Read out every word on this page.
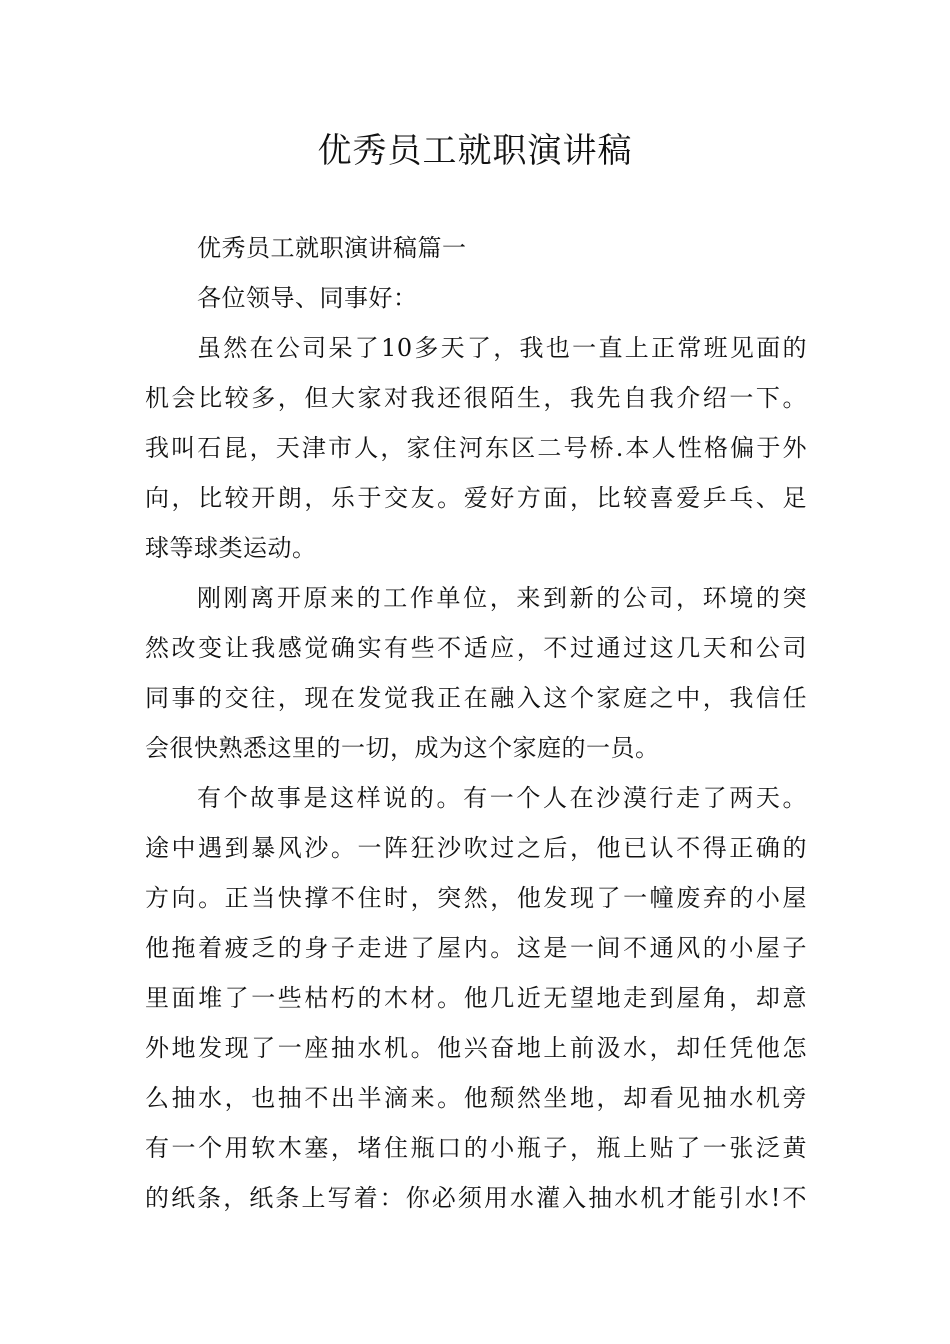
优秀员工就职演讲稿
优秀员工就职演讲稿篇一
各位领导、同事好：
虽然在公司呆了10多天了，我也一直上正常班见面的
机会比较多，但大家对我还很陌生，我先自我介绍一下。
我叫石昆，天津市人，家住河东区二号桥.本人性格偏于外
向，比较开朗，乐于交友。爱好方面，比较喜爱乒乓、足
球等球类运动。
刚刚离开原来的工作单位，来到新的公司，环境的突
然改变让我感觉确实有些不适应，不过通过这几天和公司
同事的交往，现在发觉我正在融入这个家庭之中，我信任
会很快熟悉这里的一切，成为这个家庭的一员。
有个故事是这样说的。有一个人在沙漠行走了两天。
途中遇到暴风沙。一阵狂沙吹过之后，他已认不得正确的
方向。正当快撑不住时，突然，他发现了一幢废弃的小屋
他拖着疲乏的身子走进了屋内。这是一间不通风的小屋子
里面堆了一些枯朽的木材。他几近无望地走到屋角，却意
外地发现了一座抽水机。他兴奋地上前汲水，却任凭他怎
么抽水，也抽不出半滴来。他颓然坐地，却看见抽水机旁
有一个用软木塞，堵住瓶口的小瓶子，瓶上贴了一张泛黄
的纸条，纸条上写着：你必须用水灌入抽水机才能引水!不
